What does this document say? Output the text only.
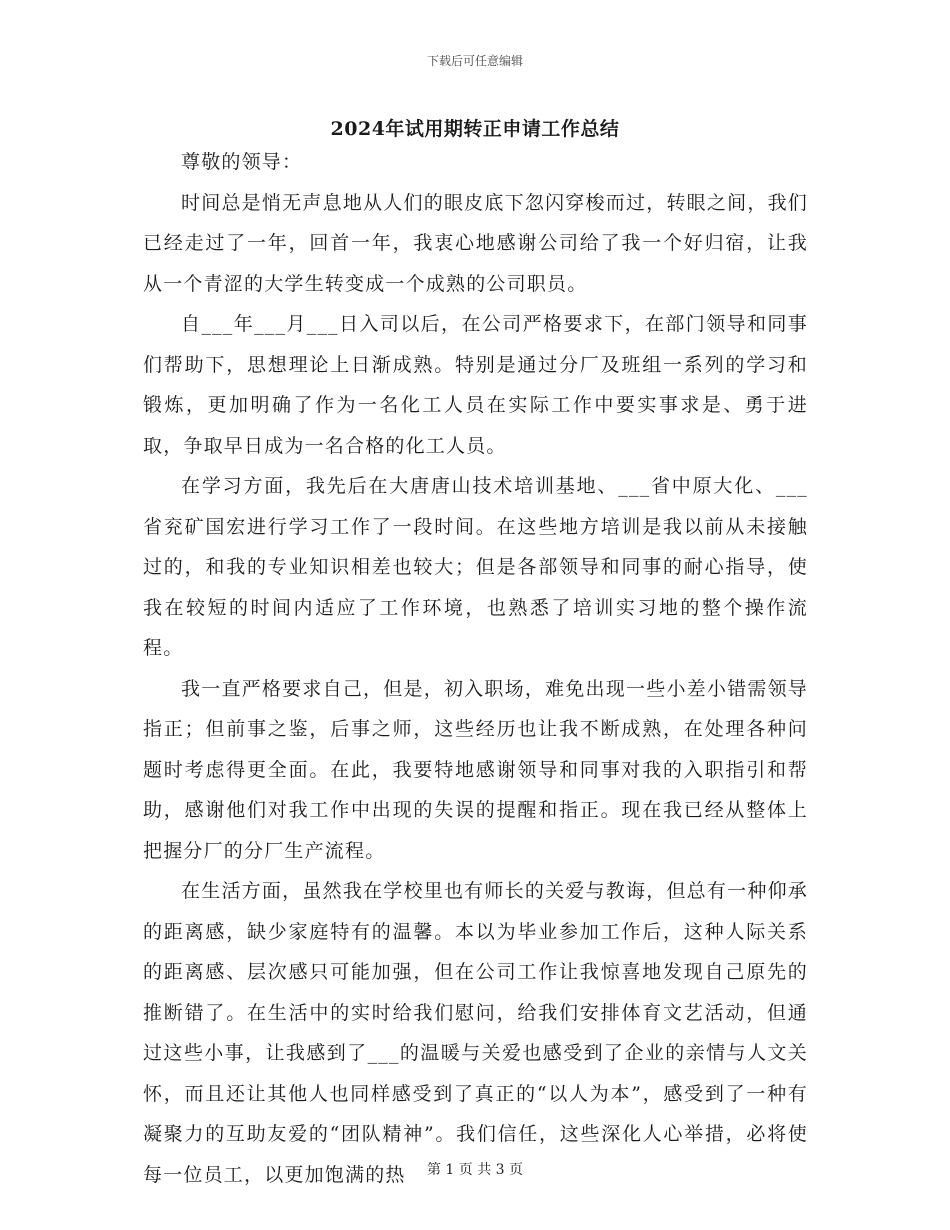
下载后可任意编辑
2024年试用期转正申请工作总结

尊敬的领导：

时间总是悄无声息地从人们的眼皮底下忽闪穿梭而过，转眼之间，我们已经走过了一年，回首一年，我衷心地感谢公司给了我一个好归宿，让我从一个青涩的大学生转变成一个成熟的公司职员。

自___年___月___日入司以后，在公司严格要求下，在部门领导和同事们帮助下，思想理论上日渐成熟。特别是通过分厂及班组一系列的学习和锻炼，更加明确了作为一名化工人员在实际工作中要实事求是、勇于进取，争取早日成为一名合格的化工人员。

在学习方面，我先后在大唐唐山技术培训基地、___省中原大化、___省兖矿国宏进行学习工作了一段时间。在这些地方培训是我以前从未接触过的，和我的专业知识相差也较大；但是各部领导和同事的耐心指导，使我在较短的时间内适应了工作环境，也熟悉了培训实习地的整个操作流程。

我一直严格要求自己，但是，初入职场，难免出现一些小差小错需领导指正；但前事之鉴，后事之师，这些经历也让我不断成熟，在处理各种问题时考虑得更全面。在此，我要特地感谢领导和同事对我的入职指引和帮助，感谢他们对我工作中出现的失误的提醒和指正。现在我已经从整体上把握分厂的分厂生产流程。

在生活方面，虽然我在学校里也有师长的关爱与教诲，但总有一种仰承的距离感，缺少家庭特有的温馨。本以为毕业参加工作后，这种人际关系的距离感、层次感只可能加强，但在公司工作让我惊喜地发现自己原先的推断错了。在生活中的实时给我们慰问，给我们安排体育文艺活动，但通过这些小事，让我感到了___的温暖与关爱也感受到了企业的亲情与人文关怀，而且还让其他人也同样感受到了真正的“以人为本”，感受到了一种有凝聚力的互助友爱的“团队精神”。我们信任，这些深化人心举措，必将使每一位员工，以更加饱满的热	第 1 页 共 3 页
